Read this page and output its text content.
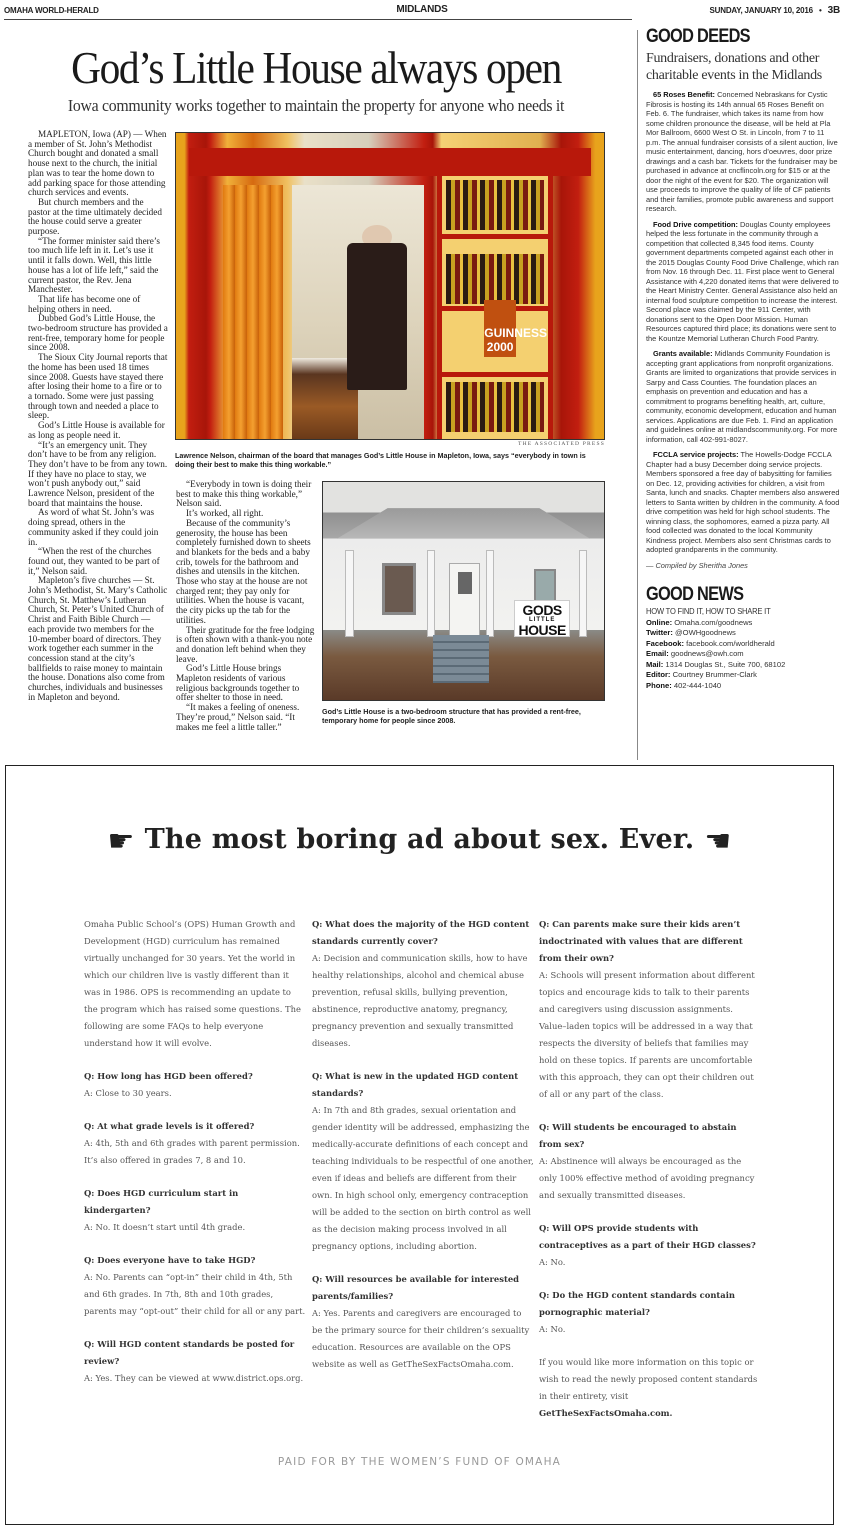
OMAHA WORLD-HERALD	MIDLANDS	SUNDAY, JANUARY 10, 2016 • 3B
God’s Little House always open
Iowa community works together to maintain the property for anyone who needs it

MAPLETON, Iowa (AP) — When a member of St. John’s Methodist Church bought and donated a small house next to the church, the initial plan was to tear the home down to add parking space for those attending church services and events.

But church members and the pastor at the time ultimately decided the house could serve a greater purpose.

“The former minister said there’s too much life left in it. Let’s use it until it falls down. Well, this little house has a lot of life left,” said the current pastor, the Rev. Jena Manchester.

That life has become one of helping others in need.

Dubbed God’s Little House, the two-bedroom structure has provided a rent-free, temporary home for people since 2008.

The Sioux City Journal reports that the home has been used 18 times since 2008. Guests have stayed there after losing their home to a fire or to a tornado. Some were just passing through town and needed a place to sleep.

God’s Little House is available for as long as people need it.

“It’s an emergency unit. They don’t have to be from any religion. They don’t have to be from any town. If they have no place to stay, we won’t push anybody out,” said Lawrence Nelson, president of the board that maintains the house.

As word of what St. John’s was doing spread, others in the community asked if they could join in.

“When the rest of the churches found out, they wanted to be part of it,” Nelson said.

Mapleton’s five churches — St. John’s Methodist, St. Mary’s Catholic Church, St. Matthew’s Lutheran Church, St. Peter’s United Church of Christ and Faith Bible Church — each provide two members for the 10-member board of directors. They work together each summer in the concession stand at the city’s ballfields to raise money to maintain the house. Donations also come from churches, individuals and businesses in Mapleton and beyond.

GUINNESS 2000
THE ASSOCIATED PRESS
Lawrence Nelson, chairman of the board that manages God’s Little House in Mapleton, Iowa, says “everybody in town is doing their best to make this thing workable.”

“Everybody in town is doing their best to make this thing workable,” Nelson said.

It’s worked, all right.

Because of the community’s generosity, the house has been completely furnished down to sheets and blankets for the beds and a baby crib, towels for the bathroom and dishes and utensils in the kitchen. Those who stay at the house are not charged rent; they pay only for utilities. When the house is vacant, the city picks up the tab for the utilities.

Their gratitude for the free lodging is often shown with a thank-you note and donation left behind when they leave.

God’s Little House brings Mapleton residents of various religious backgrounds together to offer shelter to those in need.

“It makes a feeling of oneness. They’re proud,” Nelson said. “It makes me feel a little taller.”

GODS
LITTLE
HOUSE
God’s Little House is a two-bedroom structure that has provided a rent-free, temporary home for people since 2008.
GOOD DEEDS
Fundraisers, donations and other charitable events in the Midlands
65 Roses Benefit: Concerned Nebraskans for Cystic Fibrosis is hosting its 14th annual 65 Roses Benefit on Feb. 6. The fundraiser, which takes its name from how some children pronounce the disease, will be held at Pla Mor Ballroom, 6600 West O St. in Lincoln, from 7 to 11 p.m. The annual fundraiser consists of a silent auction, live music entertainment, dancing, hors d’oeuvres, door prize drawings and a cash bar. Tickets for the fundraiser may be purchased in advance at cncflincoln.org for $15 or at the door the night of the event for $20. The organization will use proceeds to improve the quality of life of CF patients and their families, promote public awareness and support research.
Food Drive competition: Douglas County employees helped the less fortunate in the community through a competition that collected 8,345 food items. County government departments competed against each other in the 2015 Douglas County Food Drive Challenge, which ran from Nov. 16 through Dec. 11. First place went to General Assistance with 4,220 donated items that were delivered to the Heart Ministry Center. General Assistance also held an internal food sculpture competition to increase the interest. Second place was claimed by the 911 Center, with donations sent to the Open Door Mission. Human Resources captured third place; its donations were sent to the Kountze Memorial Lutheran Church Food Pantry.
Grants available: Midlands Community Foundation is accepting grant applications from nonprofit organizations. Grants are limited to organizations that provide services in Sarpy and Cass Counties. The foundation places an emphasis on prevention and education and has a commitment to programs benefiting health, art, culture, community, economic development, education and human services. Applications are due Feb. 1. Find an application and guidelines online at midlandscommunity.org. For more information, call 402-991-8027.
FCCLA service projects: The Howells-Dodge FCCLA Chapter had a busy December doing service projects. Members sponsored a free day of babysitting for families on Dec. 12, providing activities for children, a visit from Santa, lunch and snacks. Chapter members also answered letters to Santa written by children in the community. A food drive competition was held for high school students. The winning class, the sophomores, earned a pizza party. All food collected was donated to the local Kommunity Kindness project. Members also sent Christmas cards to adopted grandparents in the community.
— Compiled by Sheritha Jones
GOOD NEWS
HOW TO FIND IT, HOW TO SHARE IT
Online: Omaha.com/goodnews
Twitter: @OWHgoodnews
Facebook: facebook.com/worldherald
Email: goodnews@owh.com
Mail: 1314 Douglas St., Suite 700, 68102
Editor: Courtney Brummer-Clark
Phone: 402-444-1040
☛ The most boring ad about sex. Ever. ☚
Omaha Public School’s (OPS) Human Growth and Development (HGD) curriculum has remained virtually unchanged for 30 years. Yet the world in which our children live is vastly different than it was in 1986. OPS is recommending an update to the program which has raised some questions. The following are some FAQs to help everyone understand how it will evolve.
Q: How long has HGD been offered?
A: Close to 30 years.
Q: At what grade levels is it offered?
A: 4th, 5th and 6th grades with parent permission. It’s also offered in grades 7, 8 and 10.
Q: Does HGD curriculum start in kindergarten?
A: No. It doesn’t start until 4th grade.
Q: Does everyone have to take HGD?
A: No. Parents can “opt-in” their child in 4th, 5th and 6th grades. In 7th, 8th and 10th grades, parents may “opt-out” their child for all or any part.
Q: Will HGD content standards be posted for review?
A: Yes. They can be viewed at www.district.ops.org.
Q: What does the majority of the HGD content standards currently cover?
A: Decision and communication skills, how to have healthy relationships, alcohol and chemical abuse prevention, refusal skills, bullying prevention, abstinence, reproductive anatomy, pregnancy, pregnancy prevention and sexually transmitted diseases.
Q: What is new in the updated HGD content standards?
A: In 7th and 8th grades, sexual orientation and gender identity will be addressed, emphasizing the medically-accurate definitions of each concept and teaching individuals to be respectful of one another, even if ideas and beliefs are different from their own. In high school only, emergency contraception will be added to the section on birth control as well as the decision making process involved in all pregnancy options, including abortion.
Q: Will resources be available for interested parents/families?
A: Yes. Parents and caregivers are encouraged to be the primary source for their children’s sexuality education. Resources are available on the OPS website as well as GetTheSexFactsOmaha.com.
Q: Can parents make sure their kids aren’t indoctrinated with values that are different from their own?
A: Schools will present information about different topics and encourage kids to talk to their parents and caregivers using discussion assignments. Value–laden topics will be addressed in a way that respects the diversity of beliefs that families may hold on these topics. If parents are uncomfortable with this approach, they can opt their children out of all or any part of the class.
Q: Will students be encouraged to abstain from sex?
A: Abstinence will always be encouraged as the only 100% effective method of avoiding pregnancy and sexually transmitted diseases.
Q: Will OPS provide students with contraceptives as a part of their HGD classes?
A: No.
Q: Do the HGD content standards contain pornographic material?
A: No.
If you would like more information on this topic or wish to read the newly proposed content standards in their entirety, visit GetTheSexFactsOmaha.com.
PAID FOR BY THE WOMEN’S FUND OF OMAHA
